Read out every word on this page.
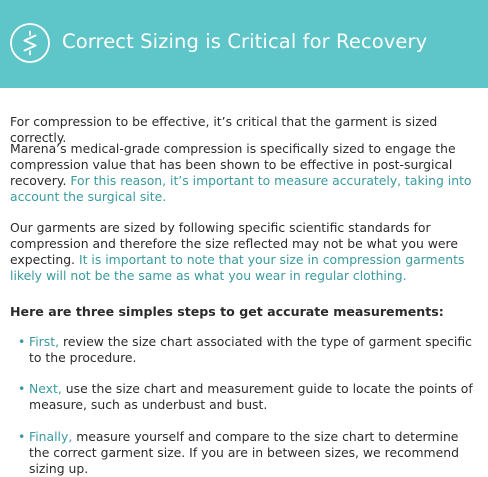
Correct Sizing is Critical for Recovery
For compression to be effective, it’s critical that the garment is sized correctly.
Marena’s medical-grade compression is specifically sized to engage the compression value that has been shown to be effective in post-surgical recovery. For this reason, it’s important to measure accurately, taking into account the surgical site.
Our garments are sized by following specific scientific standards for compression and therefore the size reflected may not be what you were expecting. It is important to note that your size in compression garments likely will not be the same as what you wear in regular clothing.
Here are three simples steps to get accurate measurements:
• First, review the size chart associated with the type of garment specific to the procedure.
• Next, use the size chart and measurement guide to locate the points of measure, such as underbust and bust.
• Finally, measure yourself and compare to the size chart to determine the correct garment size. If you are in between sizes, we recommend sizing up.
